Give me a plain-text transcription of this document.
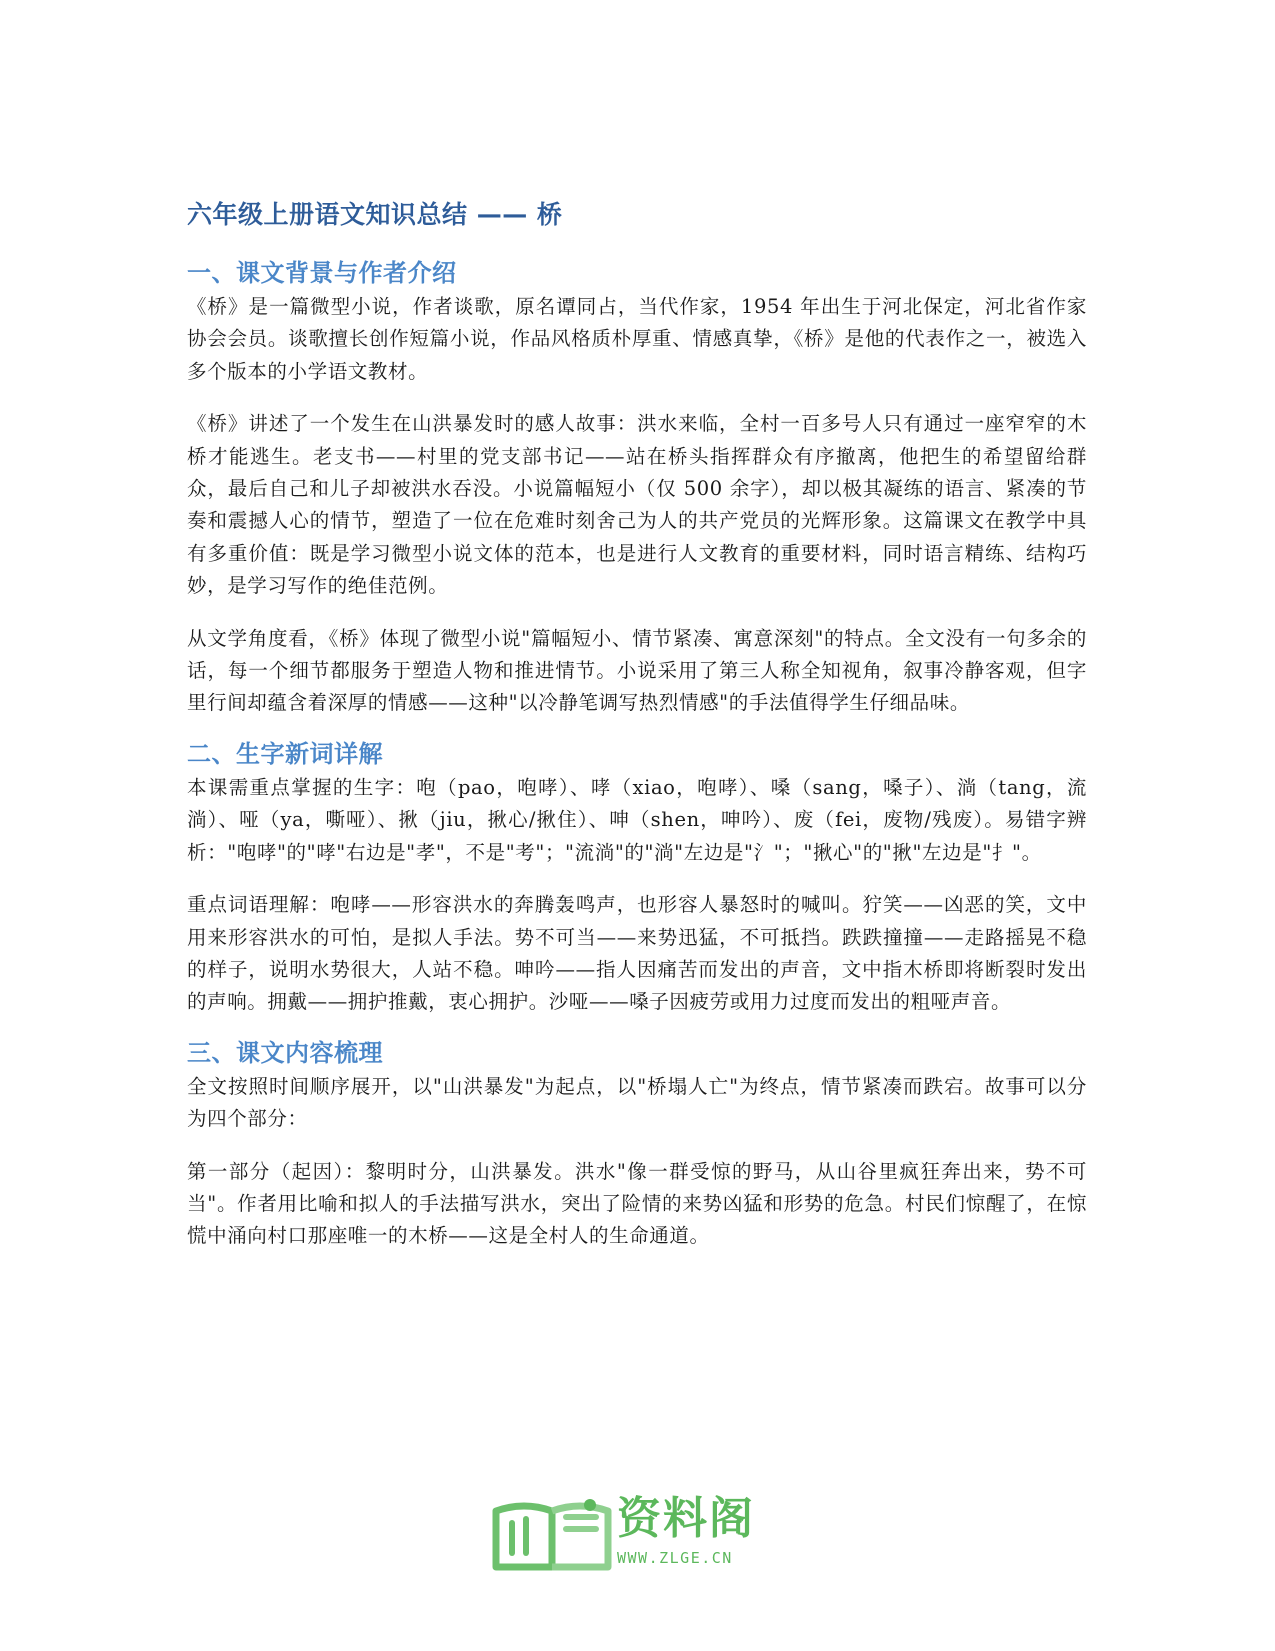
六年级上册语文知识总结 —— 桥
一、课文背景与作者介绍

《桥》是一篇微型小说，作者谈歌，原名谭同占，当代作家，1954 年出生于河北保定，河北省作家协会会员。谈歌擅长创作短篇小说，作品风格质朴厚重、情感真挚，《桥》是他的代表作之一，被选入多个版本的小学语文教材。

《桥》讲述了一个发生在山洪暴发时的感人故事：洪水来临，全村一百多号人只有通过一座窄窄的木桥才能逃生。老支书——村里的党支部书记——站在桥头指挥群众有序撤离，他把生的希望留给群众，最后自己和儿子却被洪水吞没。小说篇幅短小（仅 500 余字），却以极其凝练的语言、紧凑的节奏和震撼人心的情节，塑造了一位在危难时刻舍己为人的共产党员的光辉形象。这篇课文在教学中具有多重价值：既是学习微型小说文体的范本，也是进行人文教育的重要材料，同时语言精练、结构巧妙，是学习写作的绝佳范例。

从文学角度看，《桥》体现了微型小说"篇幅短小、情节紧凑、寓意深刻"的特点。全文没有一句多余的话，每一个细节都服务于塑造人物和推进情节。小说采用了第三人称全知视角，叙事冷静客观，但字里行间却蕴含着深厚的情感——这种"以冷静笔调写热烈情感"的手法值得学生仔细品味。

二、生字新词详解

本课需重点掌握的生字：咆（pao，咆哮）、哮（xiao，咆哮）、嗓（sang，嗓子）、淌（tang，流淌）、哑（ya，嘶哑）、揪（jiu，揪心/揪住）、呻（shen，呻吟）、废（fei，废物/残废）。易错字辨析："咆哮"的"哮"右边是"孝"，不是"考"；"流淌"的"淌"左边是"氵"；"揪心"的"揪"左边是"扌"。

重点词语理解：咆哮——形容洪水的奔腾轰鸣声，也形容人暴怒时的喊叫。狞笑——凶恶的笑，文中用来形容洪水的可怕，是拟人手法。势不可当——来势迅猛，不可抵挡。跌跌撞撞——走路摇晃不稳的样子，说明水势很大，人站不稳。呻吟——指人因痛苦而发出的声音，文中指木桥即将断裂时发出的声响。拥戴——拥护推戴，衷心拥护。沙哑——嗓子因疲劳或用力过度而发出的粗哑声音。

三、课文内容梳理

全文按照时间顺序展开，以"山洪暴发"为起点，以"桥塌人亡"为终点，情节紧凑而跌宕。故事可以分为四个部分：

第一部分（起因）：黎明时分，山洪暴发。洪水"像一群受惊的野马，从山谷里疯狂奔出来，势不可当"。作者用比喻和拟人的手法描写洪水，突出了险情的来势凶猛和形势的危急。村民们惊醒了，在惊慌中涌向村口那座唯一的木桥——这是全村人的生命通道。

资料阁
WWW.ZLGE.CN
